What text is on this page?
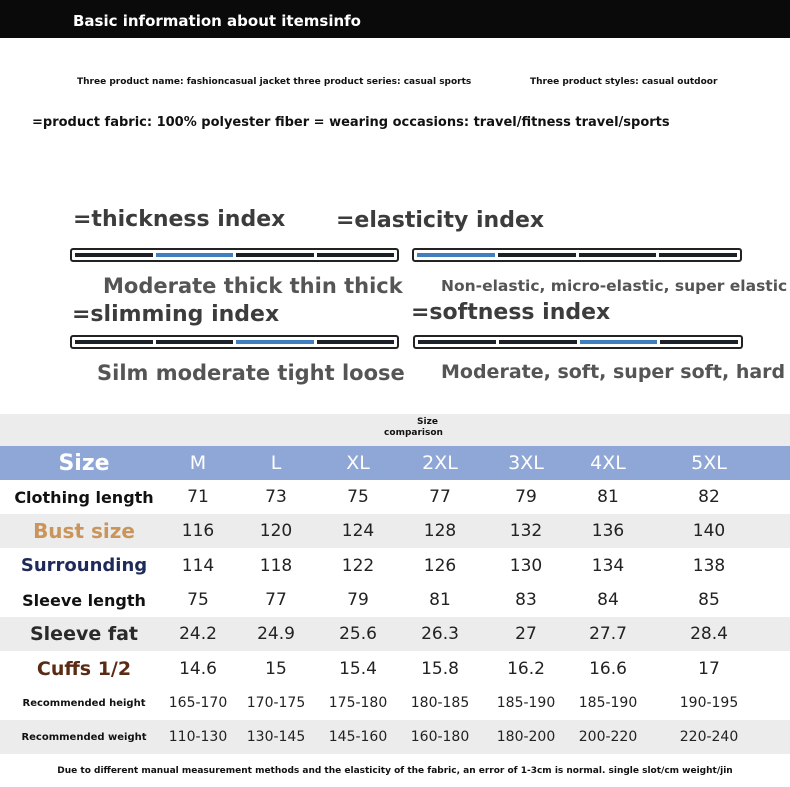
Basic information about itemsinfo
Three product name: fashioncasual jacket three product series: casual sports	Three product styles: casual outdoor
=product fabric: 100% polyester fiber = wearing occasions: travel/fitness travel/sports
=thickness index
Moderate thick thin thick
=elasticity index
Non-elastic, micro-elastic, super elastic
=slimming index
Silm moderate tight loose
=softness index
Moderate, soft, super soft, hard
Size
comparison
Size	M	L	XL	2XL	3XL	4XL	5XL
Clothing length	71	73	75	77	79	81	82
Bust size	116	120	124	128	132	136	140
Surrounding	114	118	122	126	130	134	138
Sleeve length	75	77	79	81	83	84	85
Sleeve fat	24.2	24.9	25.6	26.3	27	27.7	28.4
Cuffs 1/2	14.6	15	15.4	15.8	16.2	16.6	17
Recommended height	165-170	170-175	175-180	180-185	185-190	185-190	190-195
Recommended weight	110-130	130-145	145-160	160-180	180-200	200-220	220-240
Due to different manual measurement methods and the elasticity of the fabric, an error of 1-3cm is normal. single slot/cm weight/jin
